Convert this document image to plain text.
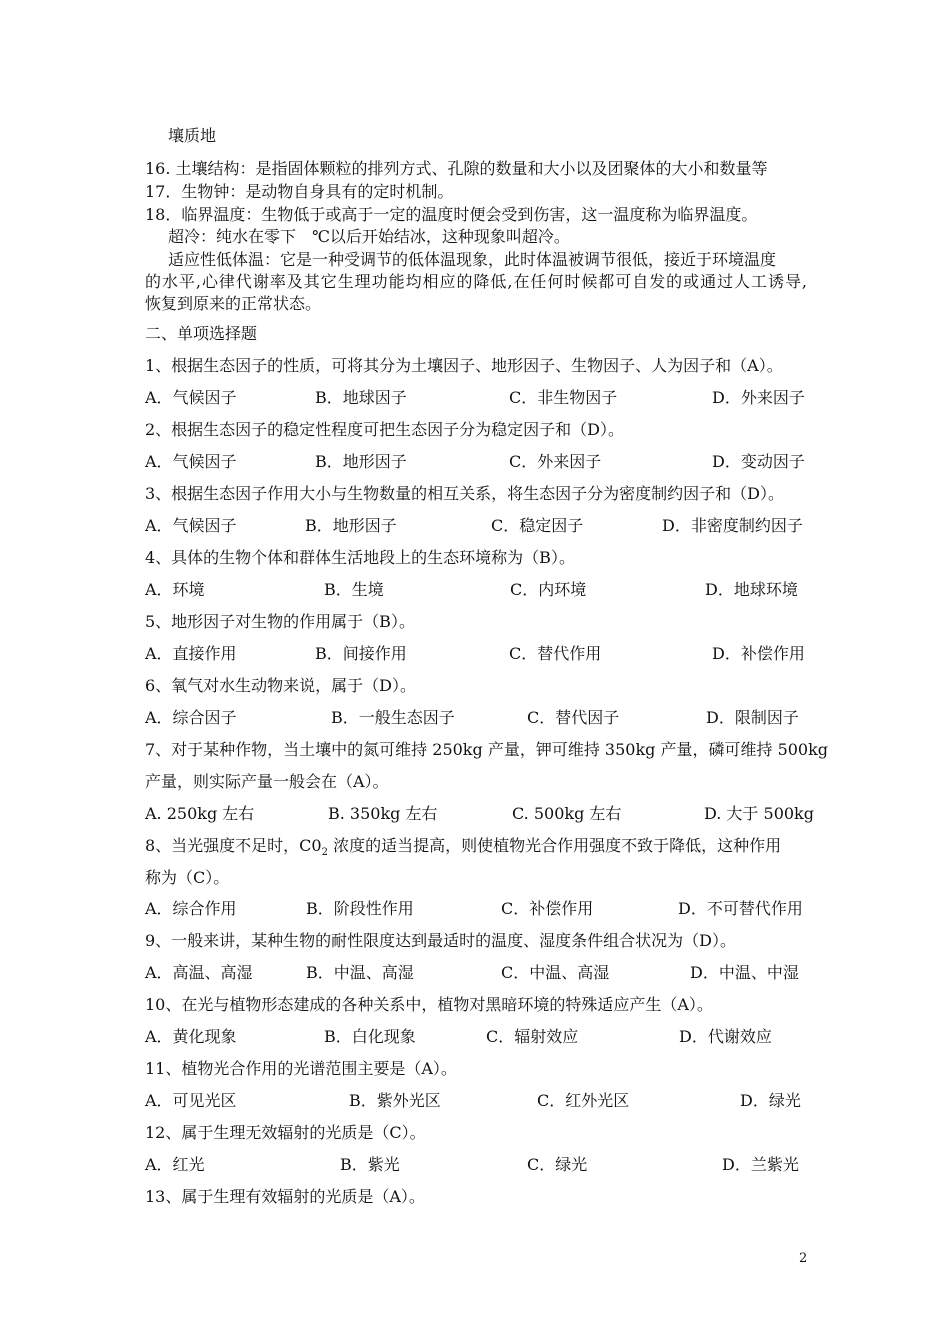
壤质地
16. 土壤结构：是指固体颗粒的排列方式、孔隙的数量和大小以及团聚体的大小和数量等
17．生物钟：是动物自身具有的定时机制。
18．临界温度：生物低于或高于一定的温度时便会受到伤害，这一温度称为临界温度。
超冷：纯水在零下　℃以后开始结冰，这种现象叫超冷。
适应性低体温：它是一种受调节的低体温现象，此时体温被调节很低，接近于环境温度
的水平,心律代谢率及其它生理功能均相应的降低,在任何时候都可自发的或通过人工诱导,
恢复到原来的正常状态。
二、单项选择题
1、根据生态因子的性质，可将其分为土壤因子、地形因子、生物因子、人为因子和（A）。
A．气候因子	B．地球因子	C．非生物因子	D．外来因子
2、根据生态因子的稳定性程度可把生态因子分为稳定因子和（D）。
A．气候因子	B．地形因子	C．外来因子	D．变动因子
3、根据生态因子作用大小与生物数量的相互关系，将生态因子分为密度制约因子和（D）。
A．气候因子	B．地形因子	C．稳定因子	D．非密度制约因子
4、具体的生物个体和群体生活地段上的生态环境称为（B）。
A．环境	B．生境	C．内环境	D．地球环境
5、地形因子对生物的作用属于（B）。
A．直接作用	B．间接作用	C．替代作用	D．补偿作用
6、氧气对水生动物来说，属于（D）。
A．综合因子	B．一般生态因子	C．替代因子	D．限制因子
7、对于某种作物，当土壤中的氮可维持 250kg 产量，钾可维持 350kg 产量，磷可维持 500kg
产量，则实际产量一般会在（A）。
A. 250kg 左右	B. 350kg 左右	C. 500kg 左右	D. 大于 500kg
8、当光强度不足时，$C0_2$ 浓度的适当提高，则使植物光合作用强度不致于降低，这种作用
称为（C）。
A．综合作用	B．阶段性作用	C．补偿作用	D．不可替代作用
9、一般来讲，某种生物的耐性限度达到最适时的温度、湿度条件组合状况为（D）。
A．高温、高湿	B．中温、高湿	C．中温、高湿	D．中温、中湿
10、在光与植物形态建成的各种关系中，植物对黑暗环境的特殊适应产生（A）。
A．黄化现象	B．白化现象	C．辐射效应	D．代谢效应
11、植物光合作用的光谱范围主要是（A）。
A．可见光区	B．紫外光区	C．红外光区	D．绿光
12、属于生理无效辐射的光质是（C）。
A．红光	B．紫光	C．绿光	D．兰紫光
13、属于生理有效辐射的光质是（A）。
2
